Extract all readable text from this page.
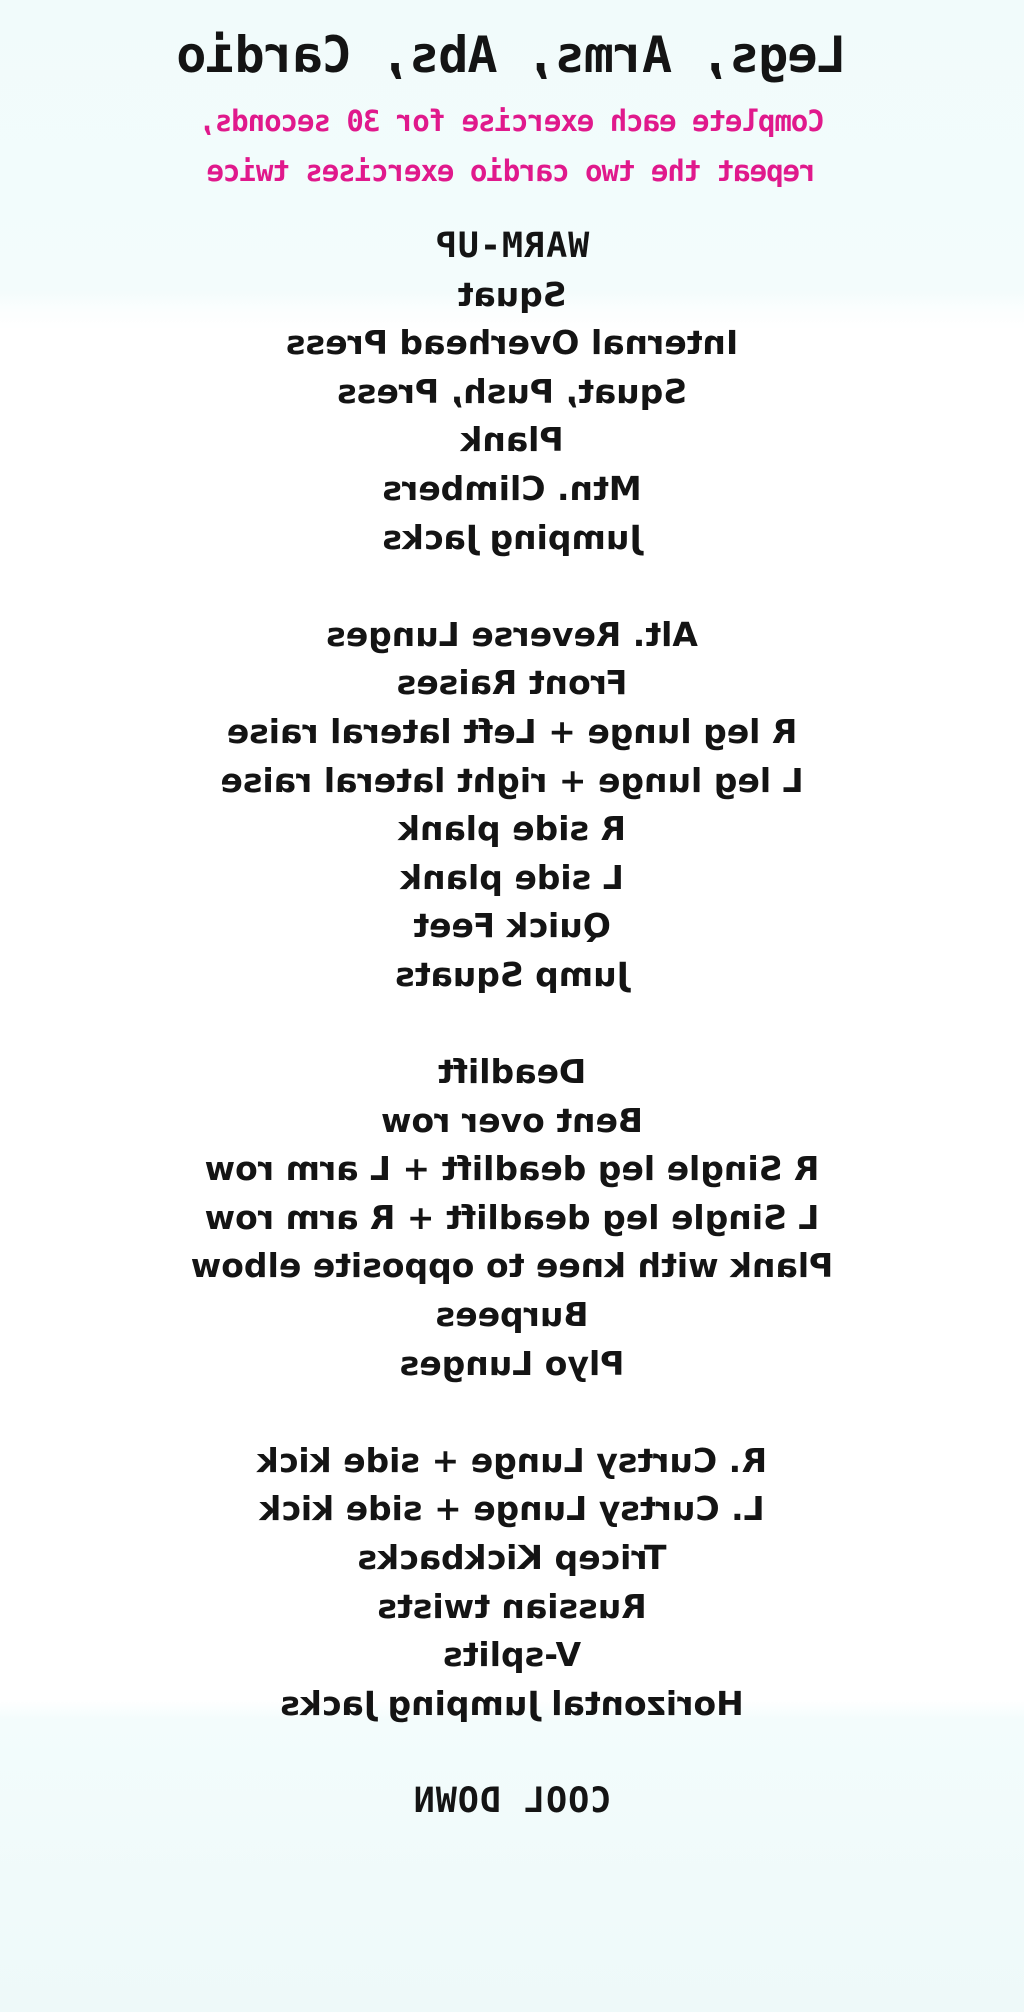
Legs, Arms, Abs, Cardio
Complete each exercise for 30 seconds,
repeat the two cardio exercises twice
WARM-UP
Squat
Internal Overhead Press
Squat, Push, Press
Plank
Mtn. Climbers
Jumping Jacks
Alt. Reverse Lunges
Front Raises
R leg lunge + Left lateral raise
L leg lunge + right lateral raise
R side plank
L side plank
Quick Feet
Jump Squats
Deadlift
Bent over row
R Single leg deadlift + L arm row
L Single leg deadlift + R arm row
Plank with knee to opposite elbow
Burpees
Plyo Lunges
R. Curtsy Lunge + side kick
L. Curtsy Lunge + side kick
Tricep Kickbacks
Russian twists
V-splits
Horizontal Jumping Jacks
COOL DOWN
